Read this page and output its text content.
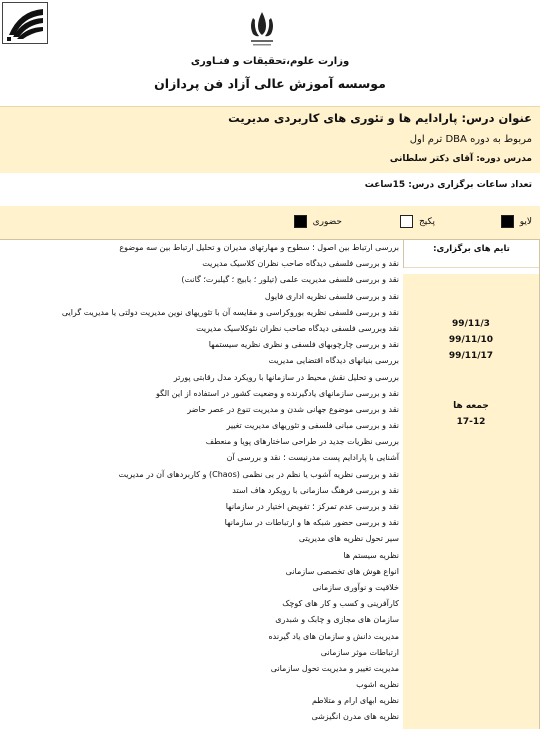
وزارت علوم،تحقیقات و فنـاوری
موسسه آموزش عالی آزاد فن پردازان
عنوان درس: پارادایم ها و تئوری های کاربردی مدیریت
مربوط به دوره DBA ترم اول
مدرس دوره: آقای دکتر سلطانی
تعداد ساعات برگزاری درس: 15ساعت
لایو
پکیج
حضوری
تایم های برگزاری:
99/11/3
99/11/10
99/11/17
جمعه ها
17-12
بررسی ارتباط بین اصول ؛ سطوح و مهارتهای مدیران و تحلیل ارتباط بین سه موضوع
نقد و بررسی فلسفی دیدگاه صاحب نظران کلاسیک مدیریت
نقد و بررسی فلسفی مدیریت علمی (تیلور ؛ بابیج ؛ گیلبرت؛ گانت)
نقد و بررسی فلسفی نظریه اداری فایول
نقد و بررسی فلسفی نظریه بوروکراسی و مقایسه آن با تئوریهای نوین مدیریت دولتی یا مدیریت گرایی
نقد وبررسی فلسفی دیدگاه صاحب نظران نئوکلاسیک مدیریت
نقد و بررسی چارچوبهای فلسفی و نظری نظریه سیستمها
بررسی بنیانهای دیدگاه اقتضایی مدیریت
بررسی و تحلیل نقش محیط در سازمانها با رویکرد مدل رقابتی پورتر
نقد و بررسی سازمانهای یادگیرنده و وضعیت کشور در استفاده از این الگو
نقد و بررسی موضوع جهانی شدن و مدیریت تنوع در عصر حاضر
نقد و بررسی مبانی فلسفی و تئوریهای مدیریت تغییر
بررسی نظریات جدید در طراحی ساختارهای پویا و منعطف
آشنایی با پارادایم پست مدرنیست ؛ نقد و بررسی آن
نقد و بررسی نظریه آشوب یا نظم در بی نظمی (Chaos) و کاربردهای آن در مدیریت
نقد و بررسی فرهنگ سازمانی با رویکرد هاف استد
نقد و بررسی عدم تمرکز ؛ تفویض اختیار در سازمانها
نقد و بررسی حضور شبکه ها و ارتباطات در سازمانها
سیر تحول نظریه های مدیریتی
نظریه سیستم ها
انواع هوش های تخصصی سازمانی
خلاقیت و نوآوری سازمانی
کارآفرینی و کسب و کار های کوچک
سازمان های مجازی و چابک و شبدری
مدیریت دانش و سازمان های یاد گیرنده
ارتباطات موثر سازمانی
مدیریت تغییر و مدیریت تحول سازمانی
نظریه اشوب
نظریه ابهای ارام و متلاطم
نظریه های مدرن انگیزشی
